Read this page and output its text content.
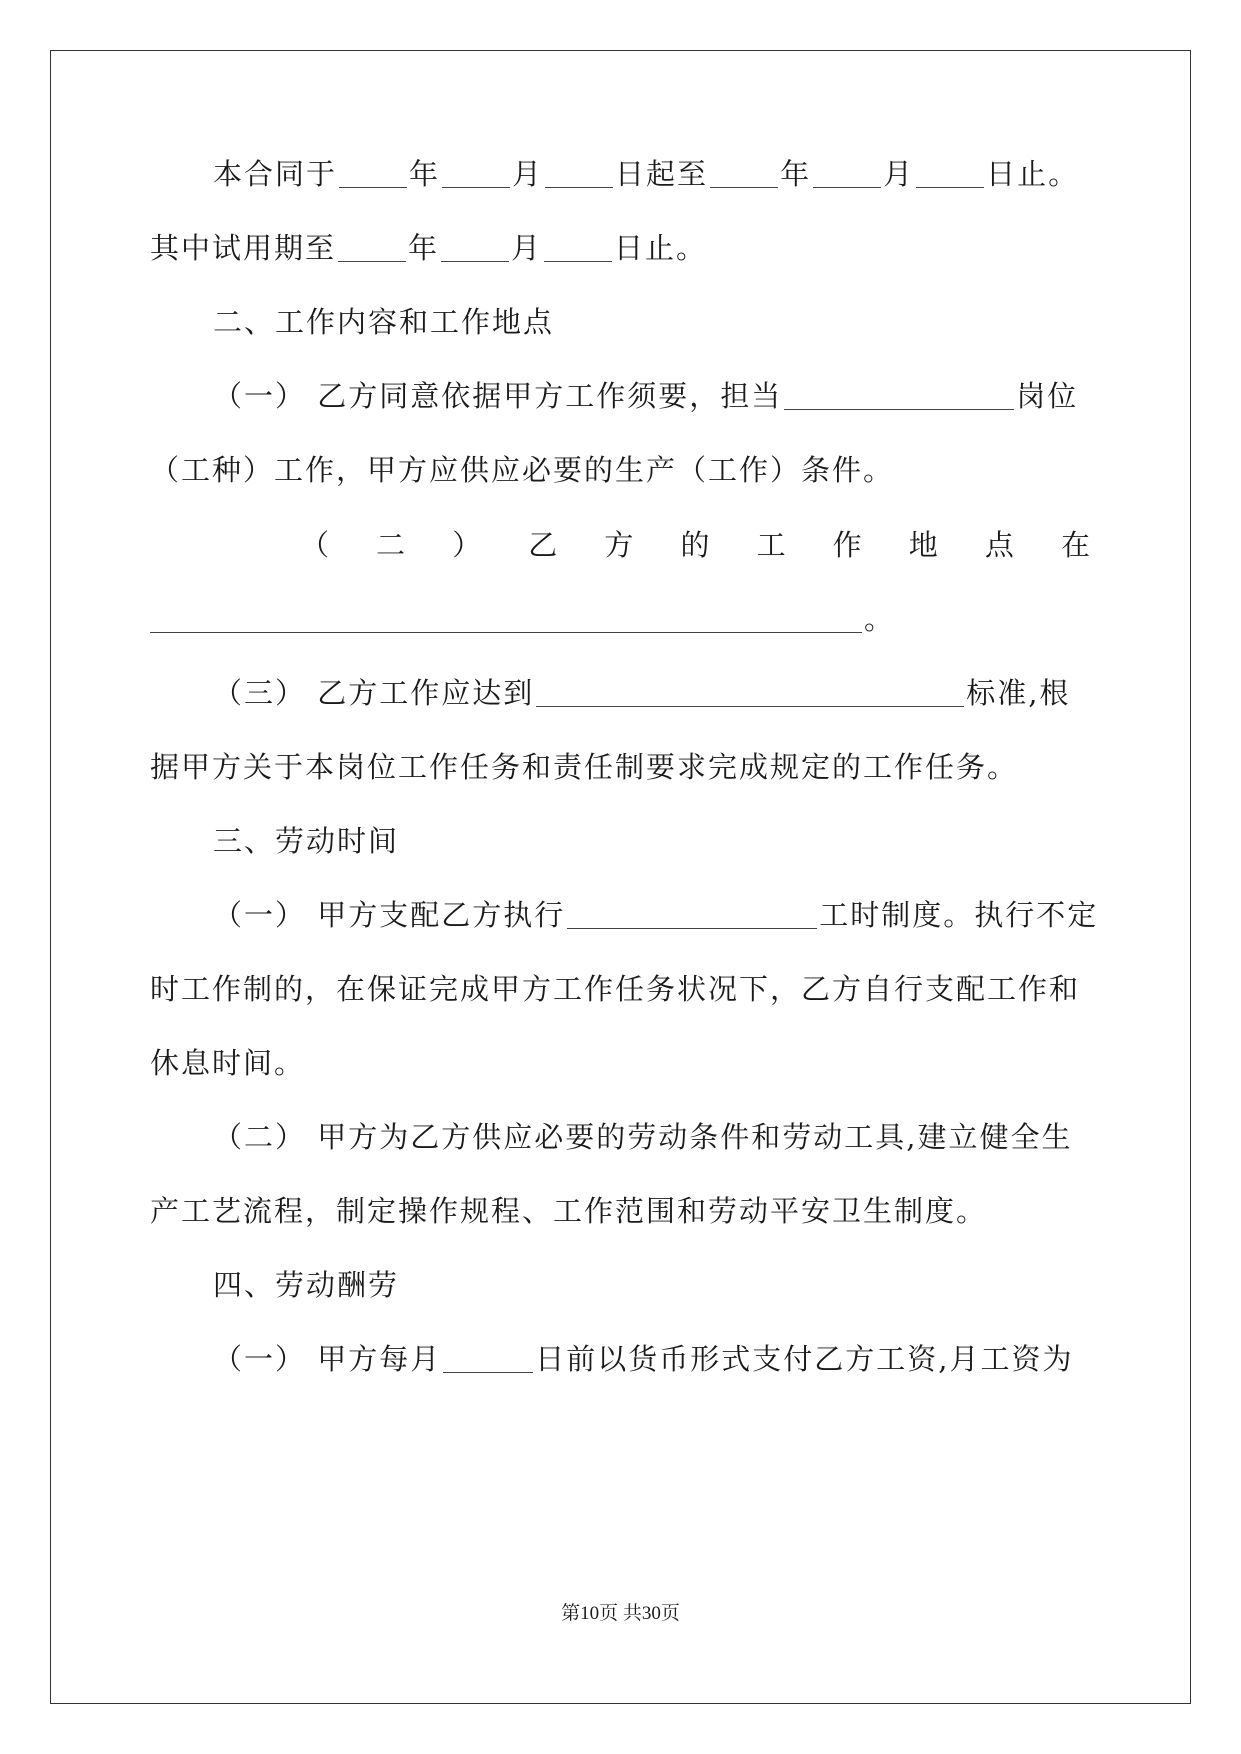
本合同于 年 月 日起至 年 月 日止。
其中试用期至 年 月 日止。
二、工作内容和工作地点
（一） 乙方同意依据甲方工作须要，担当	岗位
（工种）工作，甲方应供应必要的生产（工作）条件。
（ 二 ） 乙 方 的 工 作 地 点 在
。
（三） 乙方工作应达到	标准,根
据甲方关于本岗位工作任务和责任制要求完成规定的工作任务。
三、劳动时间
（一） 甲方支配乙方执行	工时制度。执行不定
时工作制的，在保证完成甲方工作任务状况下，乙方自行支配工作和
休息时间。
（二） 甲方为乙方供应必要的劳动条件和劳动工具,建立健全生
产工艺流程，制定操作规程、工作范围和劳动平安卫生制度。
四、劳动酬劳
（一） 甲方每月	日前以货币形式支付乙方工资,月工资为
第10页 共30页
